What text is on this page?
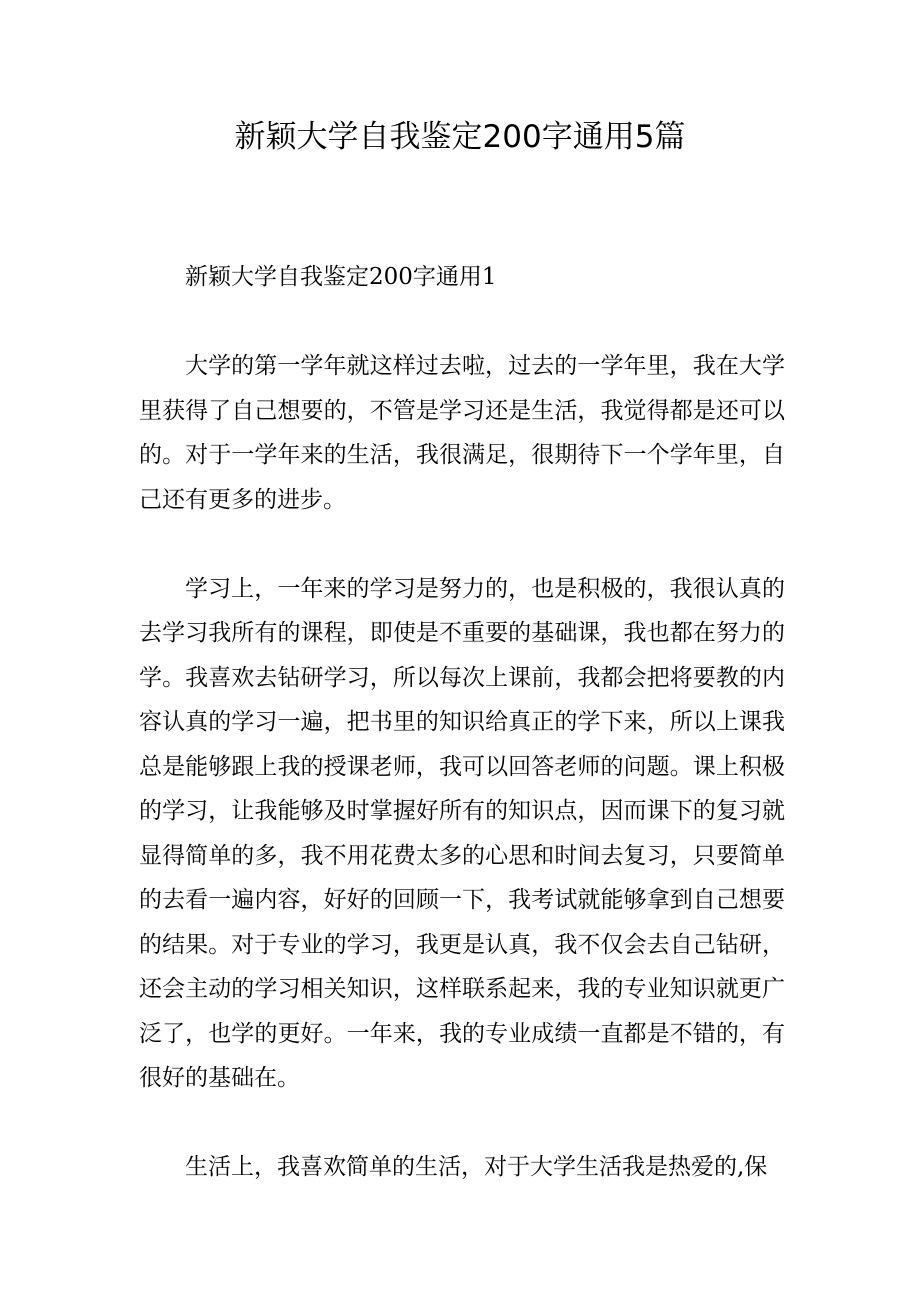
新颖大学自我鉴定200字通用5篇
新颖大学自我鉴定200字通用1

大学的第一学年就这样过去啦，过去的一学年里，我在大学里获得了自己想要的，不管是学习还是生活，我觉得都是还可以的。对于一学年来的生活，我很满足，很期待下一个学年里，自己还有更多的进步。

学习上，一年来的学习是努力的，也是积极的，我很认真的去学习我所有的课程，即使是不重要的基础课，我也都在努力的学。我喜欢去钻研学习，所以每次上课前，我都会把将要教的内容认真的学习一遍，把书里的知识给真正的学下来，所以上课我总是能够跟上我的授课老师，我可以回答老师的问题。课上积极的学习，让我能够及时掌握好所有的知识点，因而课下的复习就显得简单的多，我不用花费太多的心思和时间去复习，只要简单的去看一遍内容，好好的回顾一下，我考试就能够拿到自己想要的结果。对于专业的学习，我更是认真，我不仅会去自己钻研，还会主动的学习相关知识，这样联系起来，我的专业知识就更广泛了，也学的更好。一年来，我的专业成绩一直都是不错的，有很好的基础在。

生活上，我喜欢简单的生活，对于大学生活我是热爱的,保
